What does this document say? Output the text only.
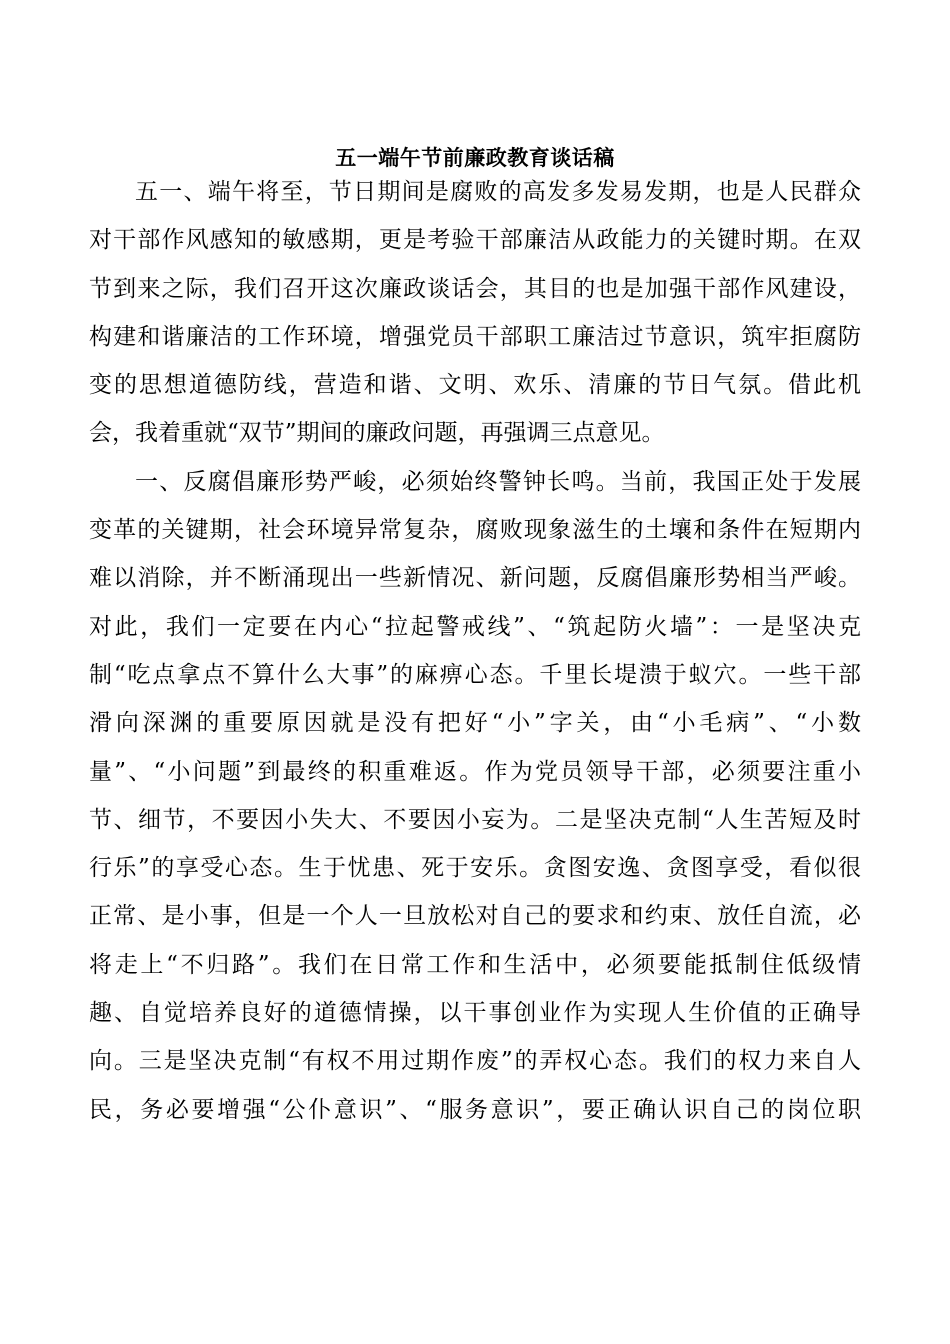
五一端午节前廉政教育谈话稿
五一、端午将至，节日期间是腐败的高发多发易发期，也是人民群众
对干部作风感知的敏感期，更是考验干部廉洁从政能力的关键时期。在双
节到来之际，我们召开这次廉政谈话会，其目的也是加强干部作风建设，
构建和谐廉洁的工作环境，增强党员干部职工廉洁过节意识，筑牢拒腐防
变的思想道德防线，营造和谐、文明、欢乐、清廉的节日气氛。借此机
会，我着重就“双节”期间的廉政问题，再强调三点意见。
一、反腐倡廉形势严峻，必须始终警钟长鸣。当前，我国正处于发展
变革的关键期，社会环境异常复杂，腐败现象滋生的土壤和条件在短期内
难以消除，并不断涌现出一些新情况、新问题，反腐倡廉形势相当严峻。
对此，我们一定要在内心“拉起警戒线”、“筑起防火墙”：一是坚决克
制“吃点拿点不算什么大事”的麻痹心态。千里长堤溃于蚁穴。一些干部
滑向深渊的重要原因就是没有把好“小”字关，由“小毛病”、“小数
量”、“小问题”到最终的积重难返。作为党员领导干部，必须要注重小
节、细节，不要因小失大、不要因小妄为。二是坚决克制“人生苦短及时
行乐”的享受心态。生于忧患、死于安乐。贪图安逸、贪图享受，看似很
正常、是小事，但是一个人一旦放松对自己的要求和约束、放任自流，必
将走上“不归路”。我们在日常工作和生活中，必须要能抵制住低级情
趣、自觉培养良好的道德情操，以干事创业作为实现人生价值的正确导
向。三是坚决克制“有权不用过期作废”的弄权心态。我们的权力来自人
民，务必要增强“公仆意识”、“服务意识”，要正确认识自己的岗位职
